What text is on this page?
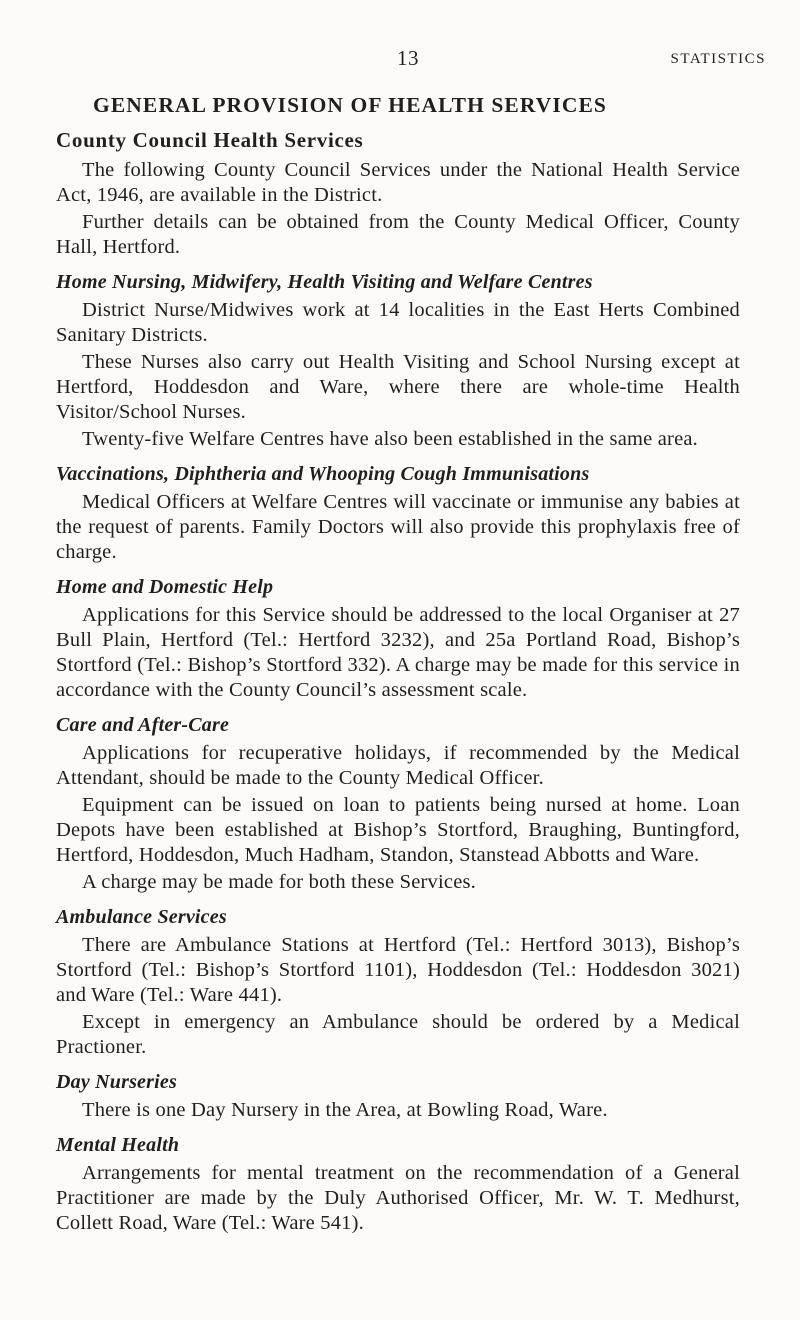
13	STATISTICS
GENERAL PROVISION OF HEALTH SERVICES
County Council Health Services

The following County Council Services under the National Health Service Act, 1946, are available in the District.

Further details can be obtained from the County Medical Officer, County Hall, Hertford.

Home Nursing, Midwifery, Health Visiting and Welfare Centres

District Nurse/Midwives work at 14 localities in the East Herts Combined Sanitary Districts.

These Nurses also carry out Health Visiting and School Nursing except at Hertford, Hoddesdon and Ware, where there are whole-time Health Visitor/School Nurses.

Twenty-five Welfare Centres have also been established in the same area.

Vaccinations, Diphtheria and Whooping Cough Immunisations

Medical Officers at Welfare Centres will vaccinate or immunise any babies at the request of parents. Family Doctors will also provide this prophylaxis free of charge.

Home and Domestic Help

Applications for this Service should be addressed to the local Organiser at 27 Bull Plain, Hertford (Tel.: Hertford 3232), and 25a Portland Road, Bishop’s Stortford (Tel.: Bishop’s Stortford 332). A charge may be made for this service in accordance with the County Council’s assessment scale.

Care and After-Care

Applications for recuperative holidays, if recommended by the Medical Attendant, should be made to the County Medical Officer.

Equipment can be issued on loan to patients being nursed at home. Loan Depots have been established at Bishop’s Stortford, Braughing, Buntingford, Hertford, Hoddesdon, Much Hadham, Standon, Stanstead Abbotts and Ware.

A charge may be made for both these Services.

Ambulance Services

There are Ambulance Stations at Hertford (Tel.: Hertford 3013), Bishop’s Stortford (Tel.: Bishop’s Stortford 1101), Hoddesdon (Tel.: Hoddesdon 3021) and Ware (Tel.: Ware 441).

Except in emergency an Ambulance should be ordered by a Medical Practioner.

Day Nurseries

There is one Day Nursery in the Area, at Bowling Road, Ware.

Mental Health

Arrangements for mental treatment on the recommendation of a General Practitioner are made by the Duly Authorised Officer, Mr. W. T. Medhurst, Collett Road, Ware (Tel.: Ware 541).
